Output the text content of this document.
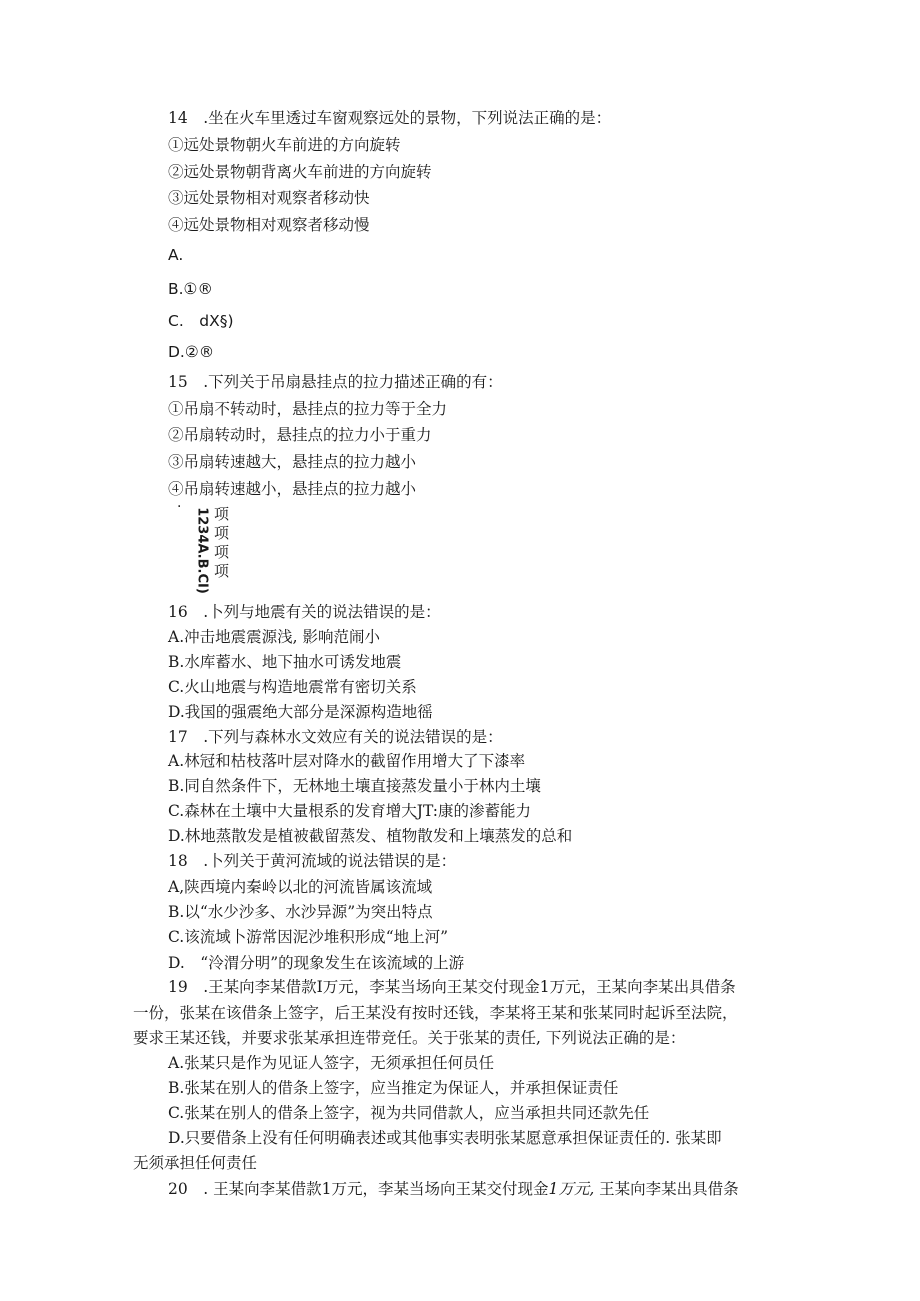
14　.坐在火车里透过车窗观察远处的景物，下列说法正确的是：
①远处景物朝火车前进的方向旋转
②远处景物朝背离火车前进的方向旋转
③远处景物相对观察者移动快
④远处景物相对观察者移动慢
A.
B.①®
C.　dX§)
D.②®
15　.下列关于吊扇悬挂点的拉力描述正确的有：
①吊扇不转动时，悬挂点的拉力等于全力
②吊扇转动时，悬挂点的拉力小于重力
③吊扇转速越大，悬挂点的拉力越小
④吊扇转速越小，悬挂点的拉力越小
·
1234A.B.CI) 项
项
项
项
16　.卜列与地震有关的说法错误的是：
A.冲击地震震源浅, 影响范闹小
B.水库蓄水、地下抽水可诱发地震
C.火山地震与构造地震常有密切关系
D.我国的强震绝大部分是深源构造地徭
17　.下列与森林水文效应有关的说法错误的是：
A.林冠和枯枝落叶层对降水的截留作用增大了下漆率
B.同自然条件下，无林地土壤直接蒸发量小于林内土壤
C.森林在土壤中大量根系的发育增大JT:康的渗蓄能力
D.林地蒸散发是植被截留蒸发、植物散发和上壤蒸发的总和
18　.卜列关于黄河流域的说法错误的是：
A,陕西境内秦岭以北的河流皆属该流域
B.以“水少沙多、水沙异源”为突出特点
C.该流域卜游常因泥沙堆积形成“地上河”
D.　“泠渭分明”的现象发生在该流域的上游
19　.王某向李某借款I万元，李某当场向王某交付现金1万元，王某向李某出具借条
一份，张某在该借条上签字，后王某没有按时还钱，李某将王某和张某同时起诉至法院，
要求王某还钱，并要求张某承担连带竞任。关于张某的责任, 下列说法正确的是：
A.张某只是作为见证人签字，无须承担任何员任
B.张某在别人的借条上签字，应当推定为保证人，并承担保证责任
C.张某在别人的借条上签字，视为共同借款人，应当承担共同还款先任
D.只要借条上没有任何明确表述或其他事实表明张某愿意承担保证责任的. 张某即
无须承担任何责任
20　. 王某向李某借款1万元，李某当场向王某交付现金1万元, 王某向李某出具借条
